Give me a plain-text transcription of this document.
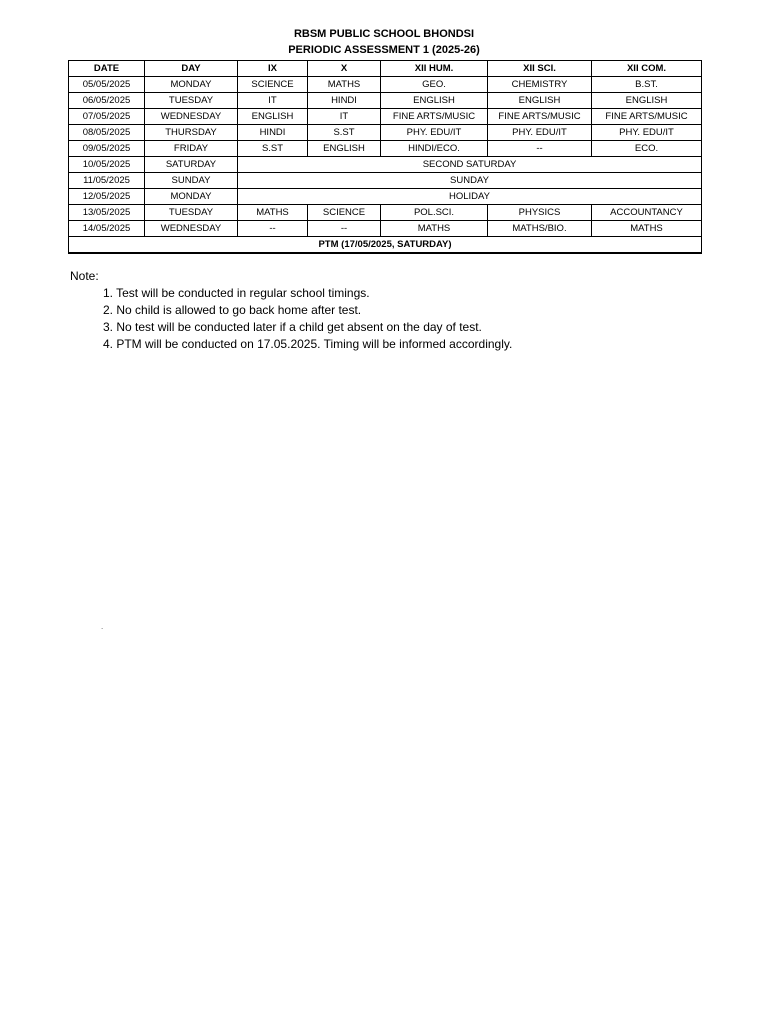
RBSM PUBLIC SCHOOL BHONDSI
PERIODIC ASSESSMENT 1 (2025-26)
DATE	DAY	IX	X	XII HUM.	XII SCI.	XII COM.
05/05/2025	MONDAY	SCIENCE	MATHS	GEO.	CHEMISTRY	B.ST.
06/05/2025	TUESDAY	IT	HINDI	ENGLISH	ENGLISH	ENGLISH
07/05/2025	WEDNESDAY	ENGLISH	IT	FINE ARTS/MUSIC	FINE ARTS/MUSIC	FINE ARTS/MUSIC
08/05/2025	THURSDAY	HINDI	S.ST	PHY. EDU/IT	PHY. EDU/IT	PHY. EDU/IT
09/05/2025	FRIDAY	S.ST	ENGLISH	HINDI/ECO.	--	ECO.
10/05/2025	SATURDAY	SECOND SATURDAY				
11/05/2025	SUNDAY	SUNDAY				
12/05/2025	MONDAY	HOLIDAY				
13/05/2025	TUESDAY	MATHS	SCIENCE	POL.SCI.	PHYSICS	ACCOUNTANCY
14/05/2025	WEDNESDAY	--	--	MATHS	MATHS/BIO.	MATHS
PTM (17/05/2025, SATURDAY)						
Note:
1. Test will be conducted in regular school timings.
2. No child is allowed to go back home after test.
3. No test will be conducted later if a child get absent on the day of test.
4. PTM will be conducted on 17.05.2025. Timing will be informed accordingly.
.
